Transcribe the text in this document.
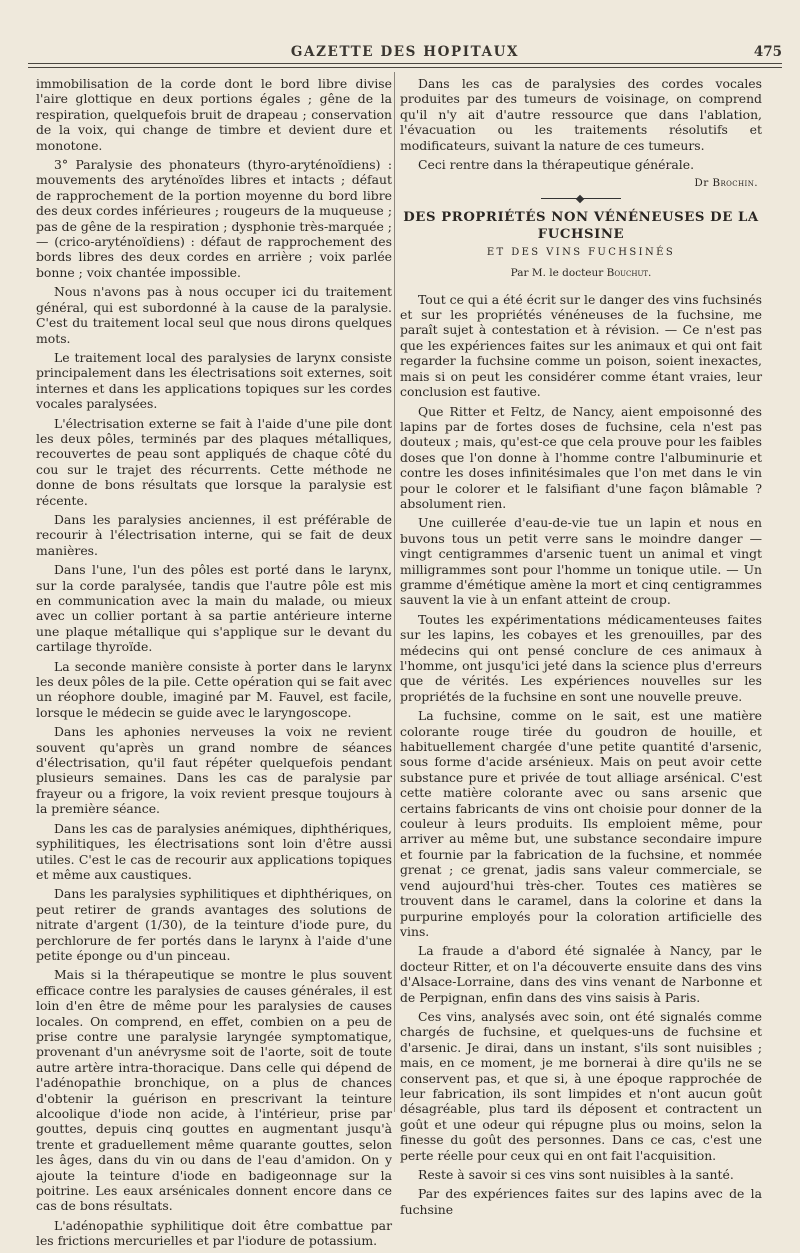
GAZETTE DES HOPITAUX	475

immobilisation de la corde dont le bord libre divise l'aire glottique en deux portions égales ; gêne de la respiration, quelquefois bruit de drapeau ; conservation de la voix, qui change de timbre et devient dure et monotone.

3° Paralysie des phonateurs (thyro-aryténoïdiens) : mouvements des aryténoïdes libres et intacts ; défaut de rapprochement de la portion moyenne du bord libre des deux cordes inférieures ; rougeurs de la muqueuse ; pas de gêne de la respiration ; dysphonie très-marquée ; — (crico-aryténoïdiens) : défaut de rapprochement des bords libres des deux cordes en arrière ; voix parlée bonne ; voix chantée impossible.

Nous n'avons pas à nous occuper ici du traitement général, qui est subordonné à la cause de la paralysie. C'est du traitement local seul que nous dirons quelques mots.

Le traitement local des paralysies de larynx consiste principalement dans les électrisations soit externes, soit internes et dans les applications topiques sur les cordes vocales paralysées.

L'électrisation externe se fait à l'aide d'une pile dont les deux pôles, terminés par des plaques métalliques, recouvertes de peau sont appliqués de chaque côté du cou sur le trajet des récurrents. Cette méthode ne donne de bons résultats que lorsque la paralysie est récente.

Dans les paralysies anciennes, il est préférable de recourir à l'électrisation interne, qui se fait de deux manières.

Dans l'une, l'un des pôles est porté dans le larynx, sur la corde paralysée, tandis que l'autre pôle est mis en communication avec la main du malade, ou mieux avec un collier portant à sa partie antérieure interne une plaque métallique qui s'applique sur le devant du cartilage thyroïde.

La seconde manière consiste à porter dans le larynx les deux pôles de la pile. Cette opération qui se fait avec un réophore double, imaginé par M. Fauvel, est facile, lorsque le médecin se guide avec le laryngoscope.

Dans les aphonies nerveuses la voix ne revient souvent qu'après un grand nombre de séances d'électrisation, qu'il faut répéter quelquefois pendant plusieurs semaines. Dans les cas de paralysie par frayeur ou a frigore, la voix revient presque toujours à la première séance.

Dans les cas de paralysies anémiques, diphthériques, syphilitiques, les électrisations sont loin d'être aussi utiles. C'est le cas de recourir aux applications topiques et même aux caustiques.

Dans les paralysies syphilitiques et diphthériques, on peut retirer de grands avantages des solutions de nitrate d'argent (1/30), de la teinture d'iode pure, du perchlorure de fer portés dans le larynx à l'aide d'une petite éponge ou d'un pinceau.

Mais si la thérapeutique se montre le plus souvent efficace contre les paralysies de causes générales, il est loin d'en être de même pour les paralysies de causes locales. On comprend, en effet, combien on a peu de prise contre une paralysie laryngée symptomatique, provenant d'un anévrysme soit de l'aorte, soit de toute autre artère intra-thoracique. Dans celle qui dépend de l'adénopathie bronchique, on a plus de chances d'obtenir la guérison en prescrivant la teinture alcoolique d'iode non acide, à l'intérieur, prise par gouttes, depuis cinq gouttes en augmentant jusqu'à trente et graduellement même quarante gouttes, selon les âges, dans du vin ou dans de l'eau d'amidon. On y ajoute la teinture d'iode en badigeonnage sur la poitrine. Les eaux arsénicales donnent encore dans ce cas de bons résultats.

L'adénopathie syphilitique doit être combattue par les frictions mercurielles et par l'iodure de potassium.

Dans les cas de paralysies des cordes vocales produites par des tumeurs de voisinage, on comprend qu'il n'y ait d'autre ressource que dans l'ablation, l'évacuation ou les traitements résolutifs et modificateurs, suivant la nature de ces tumeurs.

Ceci rentre dans la thérapeutique générale.

Dr Brochin.
DES PROPRIÉTÉS NON VÉNÉNEUSES DE LA FUCHSINE
ET DES VINS FUCHSINÉS
Par M. le docteur Bouchut.

Tout ce qui a été écrit sur le danger des vins fuchsinés et sur les propriétés vénéneuses de la fuchsine, me paraît sujet à contestation et à révision. — Ce n'est pas que les expériences faites sur les animaux et qui ont fait regarder la fuchsine comme un poison, soient inexactes, mais si on peut les considérer comme étant vraies, leur conclusion est fautive.

Que Ritter et Feltz, de Nancy, aient empoisonné des lapins par de fortes doses de fuchsine, cela n'est pas douteux ; mais, qu'est-ce que cela prouve pour les faibles doses que l'on donne à l'homme contre l'albuminurie et contre les doses infinitésimales que l'on met dans le vin pour le colorer et le falsifiant d'une façon blâmable ? absolument rien.

Une cuillerée d'eau-de-vie tue un lapin et nous en buvons tous un petit verre sans le moindre danger — vingt centigrammes d'arsenic tuent un animal et vingt milligrammes sont pour l'homme un tonique utile. — Un gramme d'émétique amène la mort et cinq centigrammes sauvent la vie à un enfant atteint de croup.

Toutes les expérimentations médicamenteuses faites sur les lapins, les cobayes et les grenouilles, par des médecins qui ont pensé conclure de ces animaux à l'homme, ont jusqu'ici jeté dans la science plus d'erreurs que de vérités. Les expériences nouvelles sur les propriétés de la fuchsine en sont une nouvelle preuve.

La fuchsine, comme on le sait, est une matière colorante rouge tirée du goudron de houille, et habituellement chargée d'une petite quantité d'arsenic, sous forme d'acide arsénieux. Mais on peut avoir cette substance pure et privée de tout alliage arsénical. C'est cette matière colorante avec ou sans arsenic que certains fabricants de vins ont choisie pour donner de la couleur à leurs produits. Ils emploient même, pour arriver au même but, une substance secondaire impure et fournie par la fabrication de la fuchsine, et nommée grenat ; ce grenat, jadis sans valeur commerciale, se vend aujourd'hui très-cher. Toutes ces matières se trouvent dans le caramel, dans la colorine et dans la purpurine employés pour la coloration artificielle des vins.

La fraude a d'abord été signalée à Nancy, par le docteur Ritter, et on l'a découverte ensuite dans des vins d'Alsace-Lorraine, dans des vins venant de Narbonne et de Perpignan, enfin dans des vins saisis à Paris.

Ces vins, analysés avec soin, ont été signalés comme chargés de fuchsine, et quelques-uns de fuchsine et d'arsenic. Je dirai, dans un instant, s'ils sont nuisibles ; mais, en ce moment, je me bornerai à dire qu'ils ne se conservent pas, et que si, à une époque rapprochée de leur fabrication, ils sont limpides et n'ont aucun goût désagréable, plus tard ils déposent et contractent un goût et une odeur qui répugne plus ou moins, selon la finesse du goût des personnes. Dans ce cas, c'est une perte réelle pour ceux qui en ont fait l'acquisition.

Reste à savoir si ces vins sont nuisibles à la santé.

Par des expériences faites sur des lapins avec de la fuchsine
